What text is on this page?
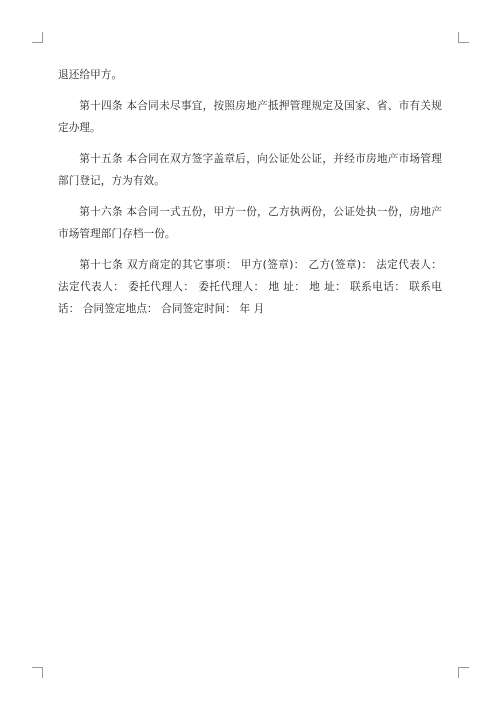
退还给甲方。

第十四条 本合同未尽事宜，按照房地产抵押管理规定及国家、省、市有关规定办理。

第十五条 本合同在双方签字盖章后，向公证处公证，并经市房地产市场管理部门登记，方为有效。

第十六条 本合同一式五份，甲方一份，乙方执两份，公证处执一份，房地产市场管理部门存档一份。

第十七条 双方商定的其它事项： 甲方(签章)： 乙方(签章)： 法定代表人： 法定代表人： 委托代理人： 委托代理人： 地 址： 地 址： 联系电话： 联系电话： 合同签定地点： 合同签定时间： 年 月
